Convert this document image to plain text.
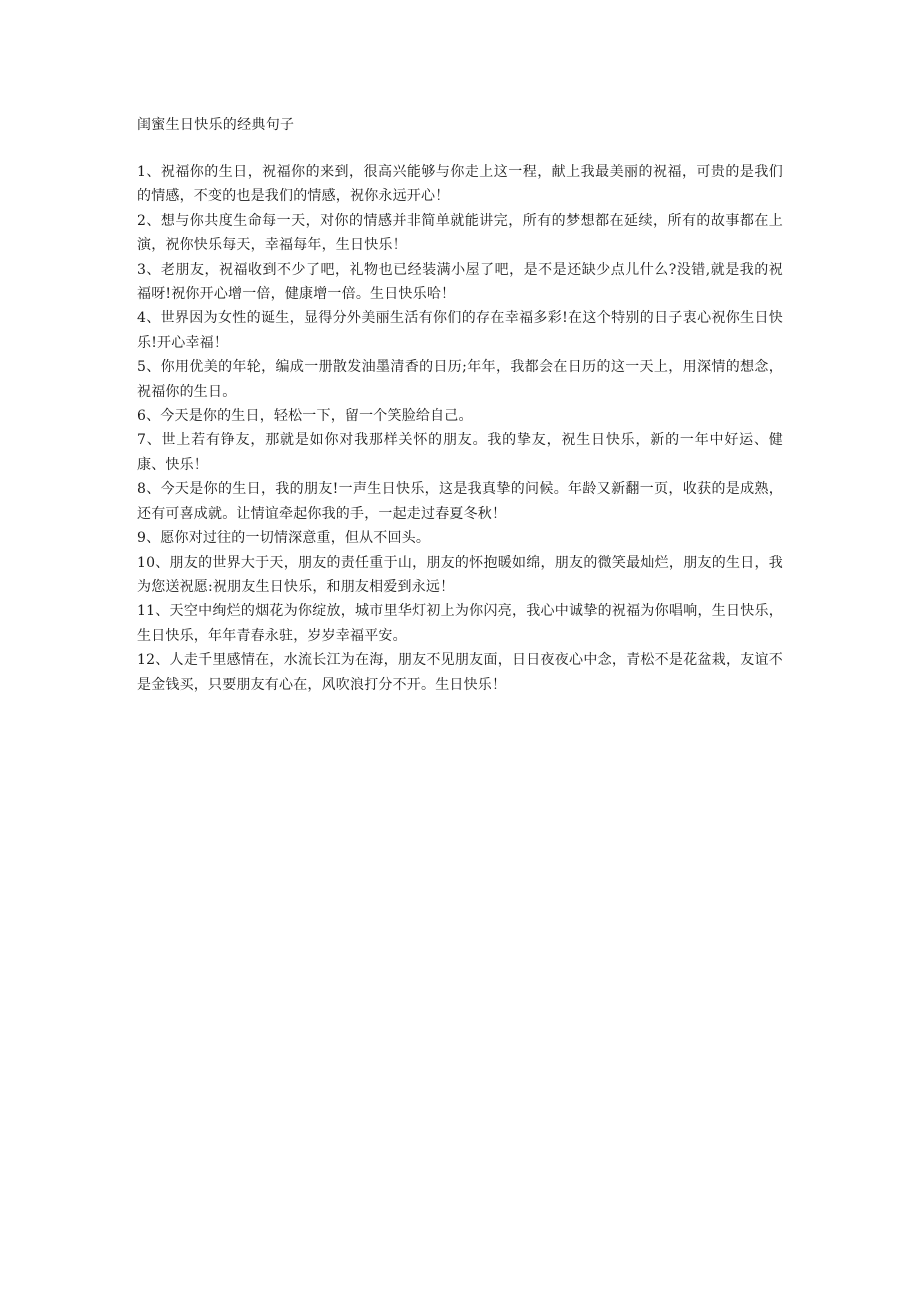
闺蜜生日快乐的经典句子

1、祝福你的生日，祝福你的来到，很高兴能够与你走上这一程，献上我最美丽的祝福，可贵的是我们的情感，不变的也是我们的情感，祝你永远开心！

2、想与你共度生命每一天，对你的情感并非简单就能讲完，所有的梦想都在延续，所有的故事都在上演，祝你快乐每天，幸福每年，生日快乐！

3、老朋友，祝福收到不少了吧，礼物也已经装满小屋了吧，是不是还缺少点儿什么?没错,就是我的祝福呀!祝你开心增一倍，健康增一倍。生日快乐哈！

4、世界因为女性的诞生，显得分外美丽生活有你们的存在幸福多彩!在这个特别的日子衷心祝你生日快乐!开心幸福！

5、你用优美的年轮，编成一册散发油墨清香的日历;年年，我都会在日历的这一天上，用深情的想念，祝福你的生日。

6、今天是你的生日，轻松一下，留一个笑脸给自己。

7、世上若有铮友，那就是如你对我那样关怀的朋友。我的挚友，祝生日快乐，新的一年中好运、健康、快乐！

8、今天是你的生日，我的朋友!一声生日快乐，这是我真挚的问候。年龄又新翻一页，收获的是成熟，还有可喜成就。让情谊牵起你我的手，一起走过春夏冬秋！

9、愿你对过往的一切情深意重，但从不回头。

10、朋友的世界大于天，朋友的责任重于山，朋友的怀抱暖如绵，朋友的微笑最灿烂，朋友的生日，我为您送祝愿:祝朋友生日快乐，和朋友相爱到永远！

11、天空中绚烂的烟花为你绽放，城市里华灯初上为你闪亮，我心中诚挚的祝福为你唱响，生日快乐，生日快乐，年年青春永驻，岁岁幸福平安。

12、人走千里感情在，水流长江为在海，朋友不见朋友面，日日夜夜心中念，青松不是花盆栽，友谊不是金钱买，只要朋友有心在，风吹浪打分不开。生日快乐！
